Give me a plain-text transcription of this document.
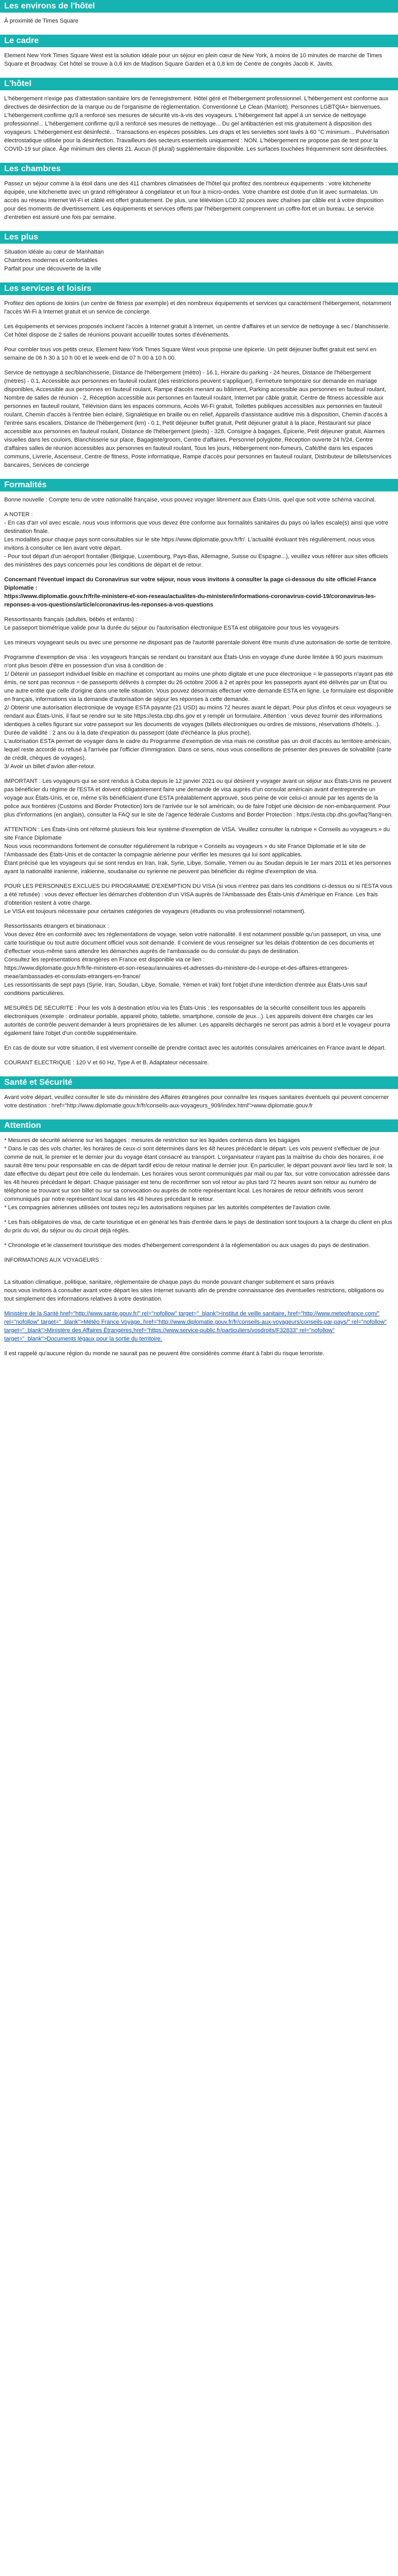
Les environs de l'hôtel

À proximité de Times Square

Le cadre

Element New York Times Square West est la solution idéale pour un séjour en plein cœur de New York, à moins de 10 minutes de marche de Times Square et Broadway. Cet hôtel se trouve à 0,6 km de Madison Square Garden et à 0,8 km de Centre de congrès Jacob K. Javits.

L'hôtel

L'hébergement n'exige pas d'attestation sanitaire lors de l'enregistrement. Hôtel géré et l'hébergement professionnel. L'hébergement est conforme aux directives de désinfection de la marque ou de l'organisme de réglementation. Conventionné Le Clean (Marriott). Personnes LGBTQIA+ bienvenues. L'hébergement confirme qu'il a renforcé ses mesures de sécurité vis-à-vis des voyageurs. L'hébergement fait appel à un service de nettoyage professionnel... L'hébergement confirme qu'il a renforcé ses mesures de nettoyage... Du gel antibactérien est mis gratuitement à disposition des voyageurs. L'hébergement est désinfecté... Transactions en espèces possibles. Les draps et les serviettes sont lavés à 60 °C minimum... Pulvérisation électrostatique utilisée pour la désinfection. Travailleurs des secteurs essentiels uniquement : NON. L'hébergement ne propose pas de test pour la COVID-19 sur place. Âge minimum des clients 21. Aucun (Il plural) supplémentaire disponible. Les surfaces touchées fréquemment sont désinfectées.

Les chambres

Passez un séjour comme à la étoil dans une des 411 chambres climatisées de l'hôtel qui profitez des nombreux équipements : votre kitchenette équipée, une kitchenette avec un grand réfrigérateur à congélateur et un four à micro-ondes. Votre chambre est dotée d'un lit avec surmatelas. Un accès au réseau Internet Wi-Fi et câblé est offert gratuitement. De plus, une télévision LCD 32 pouces avec chaînes par câble est à votre disposition pour des moments de divertissement. Les équipements et services offerts par l'hébergement comprennent un coffre-fort et un bureau. Le service d'entretien est assuré une fois par semaine.

Les plus

Situation idéale au cœur de Manhattan
Chambres modernes et confortables
Parfait pour une découverte de la ville

Les services et loisirs

Profitez des options de loisirs (un centre de fitness par exemple) et des nombreux équipements et services qui caractérisent l'hébergement, notamment l'accès Wi-Fi à Internet gratuit et un service de concierge.

Les équipements et services proposés incluent l'accès à Internet gratuit à Internet, un centre d'affaires et un service de nettoyage à sec / blanchisserie. Cet hôtel dispose de 2 salles de réunions pouvant accueillir toutes sortes d'événements.

Pour combler tous vos petits creux, Element New York Times Square West vous propose une épicerie. Un petit déjeuner buffet gratuit est servi en semaine de 06 h 30 à 10 h 00 et le week-end de 07 h 00 à 10 h 00.

Service de nettoyage à sec/blanchisserie, Distance de l'hébergement (métro) - 16.1, Horaire du parking - 24 heures, Distance de l'hébergement (mètres) - 0.1, Accessible aux personnes en fauteuil roulant (des restrictions peuvent s'appliquer), Fermeture temporaire sur demande en mariage disponibles, Accessible aux personnes en fauteuil roulant, Rampe d'accès menant au bâtiment, Parking accessible aux personnes en fauteuil roulant, Nombre de salles de réunion - 2, Réception accessible aux personnes en fauteuil roulant, Internet par câble gratuit, Centre de fitness accessible aux personnes en fauteuil roulant, Télévision dans les espaces communs, Accès Wi-Fi gratuit, Toilettes publiques accessibles aux personnes en fauteuil roulant, Chemin d'accès à l'entrée bien éclairé, Signalétique en braille ou en relief, Appareils d'assistance auditive mis à disposition, Chemin d'accès à l'entrée sans escaliers, Distance de l'hébergement (km) - 0.1, Petit déjeuner buffet gratuit, Petit déjeuner gratuit à la place, Restaurant sur place accessible aux personnes en fauteuil roulant, Distance de l'hébergement (pieds) - 328, Consigne à bagages, Épicerie, Petit déjeuner gratuit, Alarmes visuelles dans les couloirs, Blanchisserie sur place, Bagagiste/groom, Centre d'affaires, Personnel polyglotte, Réception ouverte 24 h/24, Centre d'affaires salles de réunion accessibles aux personnes en fauteuil roulant, Tous les jours, Hébergement non-fumeurs, Café/thé dans les espaces communs, Livrerie, Ascenseur, Centre de fitness, Poste informatique, Rampe d'accès pour personnes en fauteuil roulant, Distributeur de billets/services bancaires, Services de concierge

Formalités

Bonne nouvelle : Compte tenu de votre nationalité française, vous pouvez voyager librement aux États-Unis, quel que soit votre schéma vaccinal.

A NOTER :
- En cas d'arr vol avec escale, nous vous informons que vous devez être conforme aux formalités sanitaires du pays où la/les escale(s) ainsi que votre destination finale.
Les modalités pour chaque pays sont consultables sur le site https://www.diplomatie.gouv.fr/fr/. L'actualité évoluant très régulièrement, nous vous invitons à consulter ce lien avant votre départ.
- Pour tout départ d'un aéroport frontalier (Belgique, Luxembourg, Pays-Bas, Allemagne, Suisse ou Espagne...), veuillez vous référer aux sites officiels des ministères des pays concernés pour les conditions de départ et de retour.

Concernant l'éventuel impact du Coronavirus sur votre séjour, nous vous invitons à consulter la page ci-dessous du site officiel France Diplomatie :
https://www.diplomatie.gouv.fr/fr/le-ministere-et-son-reseau/actualites-du-ministere/informations-coronavirus-covid-19/coronavirus-les-reponses-a-vos-questions/article/coronavirus-les-reponses-a-vos-questions

Ressortissants français (adultes, bébés et enfants) :
Le passeport biométrique valide pour la durée du séjour ou l'autorisation électronique ESTA est obligatoire pour tous les voyageurs.

Les mineurs voyageant seuls ou avec une personne ne disposant pas de l'autorité parentale doivent être munis d'une autorisation de sortie de territoire.

Programme d'exemption de visa : les voyageurs français se rendant ou transitant aux États-Unis en voyage d'une durée limitée à 90 jours maximum n'ont plus besoin d'être en possession d'un visa à condition de :
1/ Détenir un passeport individuel lisible en machine et comportant au moins une photo digitale et une puce électronique = le passeports n'ayant pas été émis, ne sont pas reconnus = de passeports délivrés à compter du 26 octobre 2006 à 2 et après pour les passeports ayant été délivrés par un État ou une autre entité que celle d'origine dans une telle situation. Vous pouvez désormais effectuer votre demande ESTA en ligne. Le formulaire est disponible en français, informations via la demande d'autorisation de séjour les réponses à cette demande.
2/ Obtenir une autorisation électronique de voyage ESTA payante (21 USD) au moins 72 heures avant le départ. Pour plus d'infos et ceux voyageurs se rendant aux États-Unis, il faut se rendre sur le site https://esta.cbp.dhs.gov et y remplir un formulaire. Attention : vous devez fournir des informations identiques à celles figurant sur votre passeport sur les documents de voyages (billets électroniques ou ordres de missions, réservations d'hôtels...). Durée de validité : 2 ans ou à la date d'expiration du passeport (date d'échéance la plus proche).
L'autorisation ESTA permet de voyager dans le cadre du Programme d'exemption de visa mais ne constitue pas un droit d'accès au territoire américain, lequel reste accordé ou refusé à l'arrivée par l'officier d'immigration. Dans ce sens, nous vous conseillons de présenter des preuves de solvabilité (carte de crédit, chèques de voyages).
3/ Avoir un billet d'avion aller-retour.

IMPORTANT : Les voyageurs qui se sont rendus à Cuba depuis le 12 janvier 2021 ou qui désirent y voyager avant un séjour aux États-Unis ne peuvent pas bénéficier du régime de l'ESTA et doivent obligatoirement faire une demande de visa auprès d'un consulat américain avant d'entreprendre un voyage aux États-Unis, et ce, même s'ils bénéficiaient d'une ESTA préalablement approuvé, sous peine de voir celui-ci annulé par les agents de la police aux frontières (Customs and Border Protection) lors de l'arrivée sur le sol américain, ou de faire l'objet une décision de non-embarquement. Pour plus d'informations (en anglais), consulter la FAQ sur le site de l'agence fédérale Customs and Border Protection : https://esta.cbp.dhs.gov/faq?lang=en.

ATTENTION : Les États-Unis ont réformé plusieurs fois leur système d'exemption de VISA. Veuillez consulter la rubrique « Conseils au voyageurs » du site France Diplomatie
Nous vous recommandons fortement de consulter régulièrement la rubrique « Conseils au voyageurs » du site France Diplomatie et le site de l'Ambassade des États-Unis et de contacter la compagnie aérienne pour vérifier les mesures qui lui sont applicables.
Étant précisé que les voyageurs qui se sont rendus en Iran, Irak, Syrie, Libye, Somalie, Yémen ou au Soudan depuis le 1er mars 2011 et les personnes ayant la nationalité iranienne, irakienne, soudanaise ou syrienne ne peuvent pas bénéficier du régime d'exemption de visa.

POUR LES PERSONNES EXCLUES DU PROGRAMME D'EXEMPTION DU VISA (si vous n'entrez pas dans les conditions ci-dessus ou si l'ESTA vous a été refusée) : vous devez effectuer les démarches d'obtention d'un VISA auprès de l'Ambassade des États-Unis d'Amérique en France. Les frais d'obtention restent à votre charge.
Le VISA est toujours nécessaire pour certaines catégories de voyageurs (étudiants ou visa professionnel notamment).

Ressortissants étrangers et binationaux :
Vous devez être en conformité avec les réglementations de voyage, selon votre nationalité. Il est notamment possible qu'un passeport, un visa, une carte touristique ou tout autre document officiel vous soit demandé. Il convient de vous renseigner sur les délais d'obtention de ces documents et d'effectuer vous-même sans attendre les démarches auprès de l'ambassade ou du consulat du pays de destination.
Consultez les représentations étrangères en France est disponible via ce lien :
https://www.diplomatie.gouv.fr/fr/le-ministere-et-son-reseau/annuaires-et-adresses-du-ministere-de-l-europe-et-des-affaires-etrangeres-meae/ambassades-et-consulats-etrangers-en-france/
Les ressortissants de sept pays (Syrie, Iran, Soudan, Libye, Somalie, Yémen et Irak) font l'objet d'une interdiction d'entrée aux États-Unis sauf conditions particulières.

MESURES DE SECURITE : Pour les vols à destination et/ou via les États-Unis : les responsables de la sécurité conseillent tous les appareils électroniques (exemple : ordinateur portable, appareil photo, tablette, smartphone, console de jeux...). Les appareils doivent être chargés car les autorités de contrôle peuvent demander à leurs propriétaires de les allumer. Les appareils déchargés ne seront pas admis à bord et le voyageur pourra également faire l'objet d'un contrôle supplémentaire.

En cas de doute sur votre situation, il est vivement conseillé de prendre contact avec les autorités consulaires américaines en France avant le départ.

COURANT ELECTRIQUE : 120 V et 60 Hz, Type A et B. Adaptateur nécessaire.

Santé et Sécurité

Avant votre départ, veuillez consulter le site du ministère des Affaires étrangères pour connaître les risques sanitaires éventuels qui peuvent concerner votre destination : href="http://www.diplomatie.gouv.fr/fr/conseils-aux-voyageurs_909/index.html">www.diplomatie.gouv.fr

Attention

* Mesures de sécurité aérienne sur les bagages : mesures de restriction sur les liquides contenus dans les bagages
* Dans le cas des vols charter, les horaires de ceux-ci sont déterminés dans les 48 heures précédant le départ. Les vols peuvent s'effectuer de jour comme de nuit, le premier et le dernier jour du voyage étant consacré au transport. L'organisateur n'ayant pas la maîtrise du choix des horaires, il ne saurait être tenu pour responsable en cas de départ tardif et/ou de retour matinal le dernier jour. En particulier, le départ pouvant avoir lieu tard le soir, la date effective du départ peut être celle du lendemain. Les horaires vous seront communiqués par mail ou par fax, sur votre convocation adressée dans les 48 heures précédant le départ. Chaque passager est tenu de reconfirmer son vol retour au plus tard 72 heures avant son retour au numéro de téléphone se trouvant sur son billet ou sur sa convocation ou auprès de notre représentant local. Les horaires de retour définitifs vous seront communiqués par notre représentant local dans les 48 heures précédant le retour.
* Les compagnies aériennes utilisées ont toutes reçu les autorisations requises par les autorités compétentes de l'aviation civile.

* Les frais obligatoires de visa, de carte touristique et en général les frais d'entrée dans le pays de destination sont toujours à la charge du client en plus du prix du vol, du séjour ou du circuit déjà réglés.

* Chronologie et le classement touristique des modes d'hébergement correspondent à la réglementation ou aux usages du pays de destination.

INFORMATIONS AUX VOYAGEURS :

La situation climatique, politique, sanitaire, réglementaire de chaque pays du monde pouvant changer subitement et sans préavis
nous vous invitons à consulter avant votre départ les sites Internet suivants afin de prendre connaissance des éventuelles restrictions, obligations ou tout simplement des informations relatives à votre destination.

Ministère de la Santé href="http://www.sante.gouv.fr/" rel="nofollow" target="_blank">Institut de veille sanitaire, href="http://www.meteofrance.com/" rel="nofollow" target="_blank">Météo France Voyage, href="http://www.diplomatie.gouv.fr/fr/conseils-aux-voyageurs/conseils-par-pays/" rel="nofollow" target="_blank">Ministère des Affaires Étrangères,href="https://www.service-public.fr/particuliers/vosdroits/F32833" rel="nofollow" target="_blank">Documents légaux pour la sortie du territoire.

Il est rappelé qu'aucune région du monde ne saurait pas ne peuvent être considérés comme étant à l'abri du risque terroriste.
